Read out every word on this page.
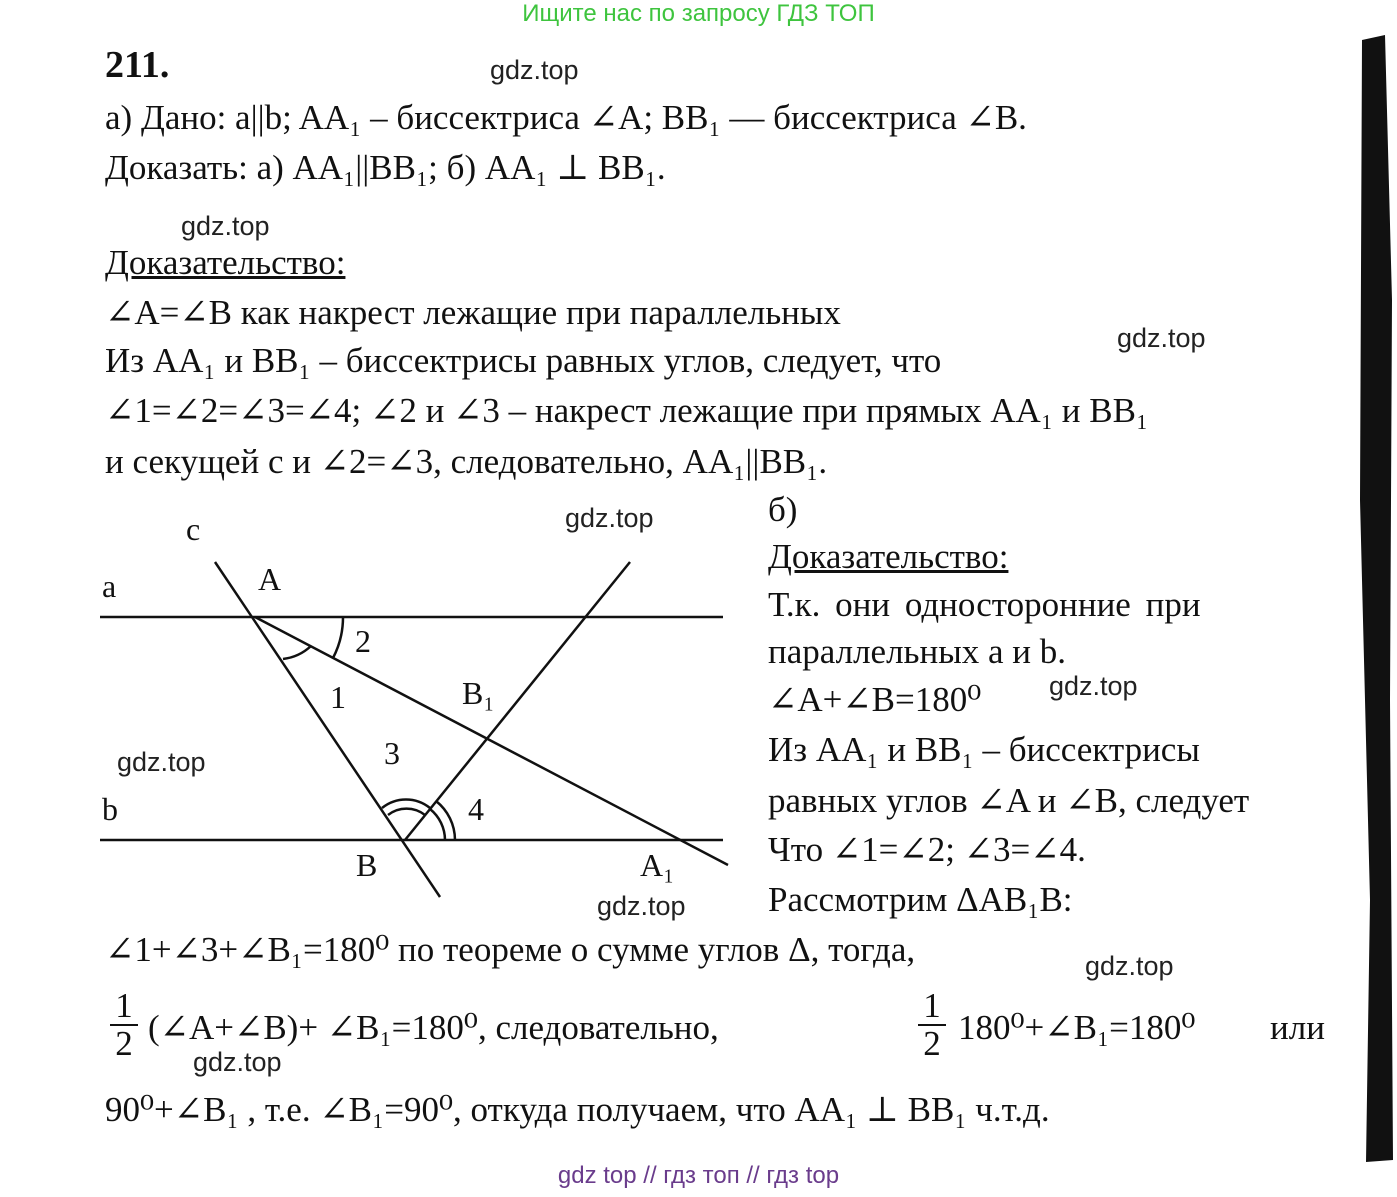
Ищите нас по запросу ГДЗ ТОП
211.
а) Дано: a||b; AA₁ – биссектриса ∠A; BB₁ — биссектриса ∠B.
Доказать: а) AA₁||BB₁; б) AA₁ ⊥ BB₁.
Доказательство:
∠A=∠B как накрест лежащие при параллельных
Из AA₁ и BB₁ – биссектрисы равных углов, следует, что
∠1=∠2=∠3=∠4; ∠2 и ∠3 – накрест лежащие при прямых AA₁ и BB₁
и секущей с и ∠2=∠3, следовательно, AA₁||BB₁.
б)
Доказательство:
Т.к. они односторонние при
параллельных a и b.
∠A+∠B=180⁰
Из AA₁ и BB₁ – биссектрисы
равных углов ∠A и ∠B, следует
Что ∠1=∠2; ∠3=∠4.
Рассмотрим ΔAB₁B:
∠1+∠3+∠B₁=180⁰ по теореме о сумме углов Δ, тогда,
$\frac{1}{2}$ (∠A+∠B)+ ∠B₁=180⁰, следовательно,	$\frac{1}{2}$ 180⁰+∠B₁=180⁰ или
90⁰+∠B₁ , т.е. ∠B₁=90⁰, откуда получаем, что AA₁ ⊥ BB₁ ч.т.д.
c
a	A
2
1	B₁
3
4
b
B	A₁
gdz.top
gdz.top
gdz.top
gdz.top
gdz.top
gdz.top
gdz.top
gdz.top
gdz.top
gdz top // гдз топ // гдз top
